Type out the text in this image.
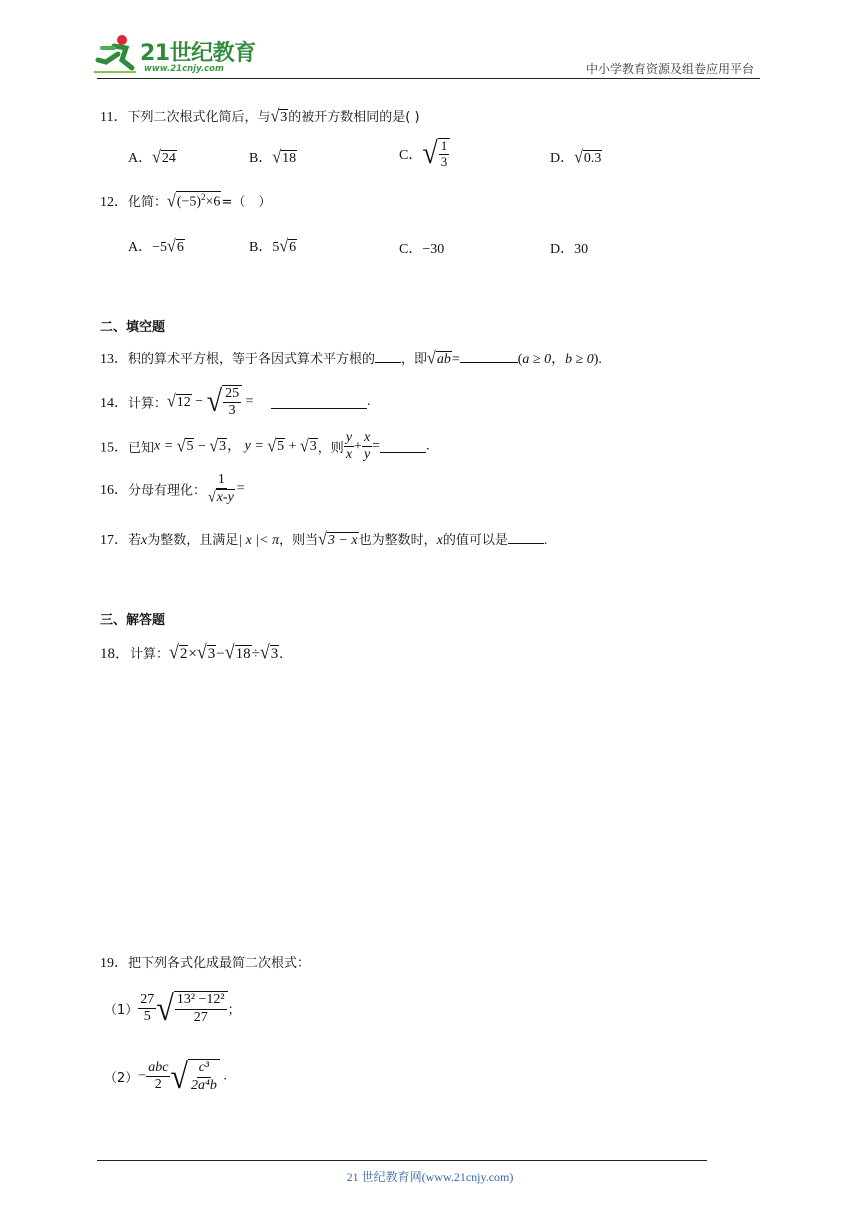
21世纪教育
www.21cnjy.com	中小学教育资源及组卷应用平台
11．下列二次根式化简后，与√3的被开方数相同的是( )
A．√24	B．√18	C．√ $\frac{1}{3}$	D．√0.3
12．化简：$√(-5)^2\times 6=$（　）
A．−5√6	B．5√6	C．−30	D．30
二、填空题
13．积的算术平方根，等于各因式算术平方根的 ，即√ab=	(a ≥ 0，b ≥ 0).
14．计算：√12 − √ $\frac{25}{3}$ =	.
15．已知x = √5 − √3， y = √5 + √3，则 $\frac{y}{x} + \frac{x}{y}$ =	.
16．分母有理化： $\frac{1}{√x-y}$ =
17．若x为整数，且满足| x |< π，则当√3 − x也为整数时，x的值可以是	.
三、解答题
18．计算：√2×√3−√18÷√3.
19．把下列各式化成最简二次根式：
$(1) \frac{27}{5}$ √ $\frac{\text{13² −12²}}{27}$ ；
$(2)- \frac{\text{abc}}{2}$ √ $\frac{\text{c³}}{\text{2a⁴b}}$ .
21 世纪教育网(www.21cnjy.com)
